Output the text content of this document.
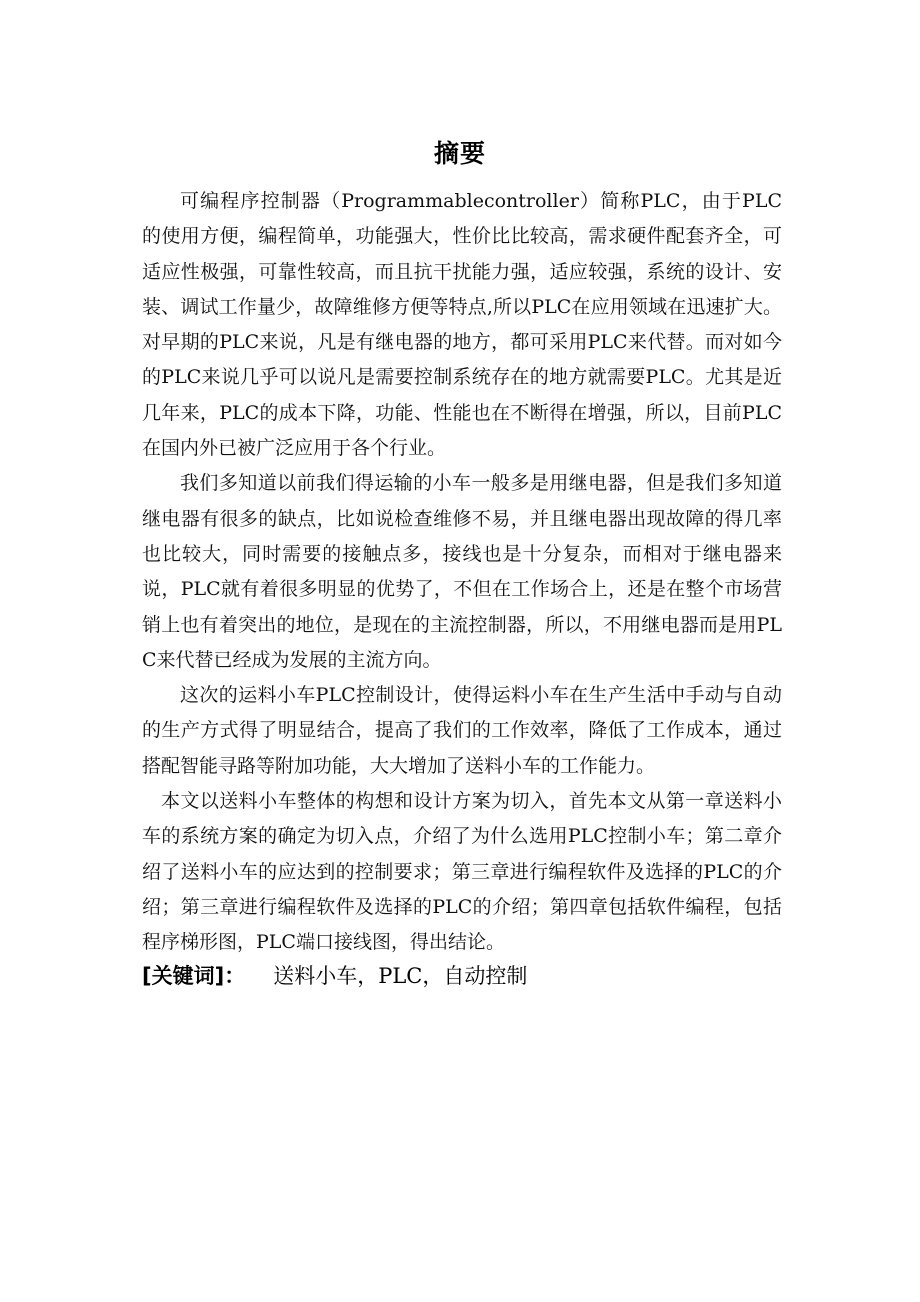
摘要

可编程序控制器（Programmablecontroller）简称PLC，由于PLC的使用方便，编程简单，功能强大，性价比比较高，需求硬件配套齐全，可适应性极强，可靠性较高，而且抗干扰能力强，适应较强，系统的设计、安装、调试工作量少，故障维修方便等特点,所以PLC在应用领域在迅速扩大。对早期的PLC来说，凡是有继电器的地方，都可采用PLC来代替。而对如今的PLC来说几乎可以说凡是需要控制系统存在的地方就需要PLC。尤其是近几年来，PLC的成本下降，功能、性能也在不断得在增强，所以，目前PLC在国内外已被广泛应用于各个行业。

我们多知道以前我们得运输的小车一般多是用继电器，但是我们多知道继电器有很多的缺点，比如说检查维修不易，并且继电器出现故障的得几率也比较大，同时需要的接触点多，接线也是十分复杂，而相对于继电器来说，PLC就有着很多明显的优势了，不但在工作场合上，还是在整个市场营销上也有着突出的地位，是现在的主流控制器，所以，不用继电器而是用PLC来代替已经成为发展的主流方向。

这次的运料小车PLC控制设计，使得运料小车在生产生活中手动与自动的生产方式得了明显结合，提高了我们的工作效率，降低了工作成本，通过搭配智能寻路等附加功能，大大增加了送料小车的工作能力。

本文以送料小车整体的构想和设计方案为切入，首先本文从第一章送料小车的系统方案的确定为切入点，介绍了为什么选用PLC控制小车；第二章介绍了送料小车的应达到的控制要求；第三章进行编程软件及选择的PLC的介绍；第三章进行编程软件及选择的PLC的介绍；第四章包括软件编程，包括程序梯形图，PLC端口接线图，得出结论。

[关键词]： 送料小车，PLC，自动控制
